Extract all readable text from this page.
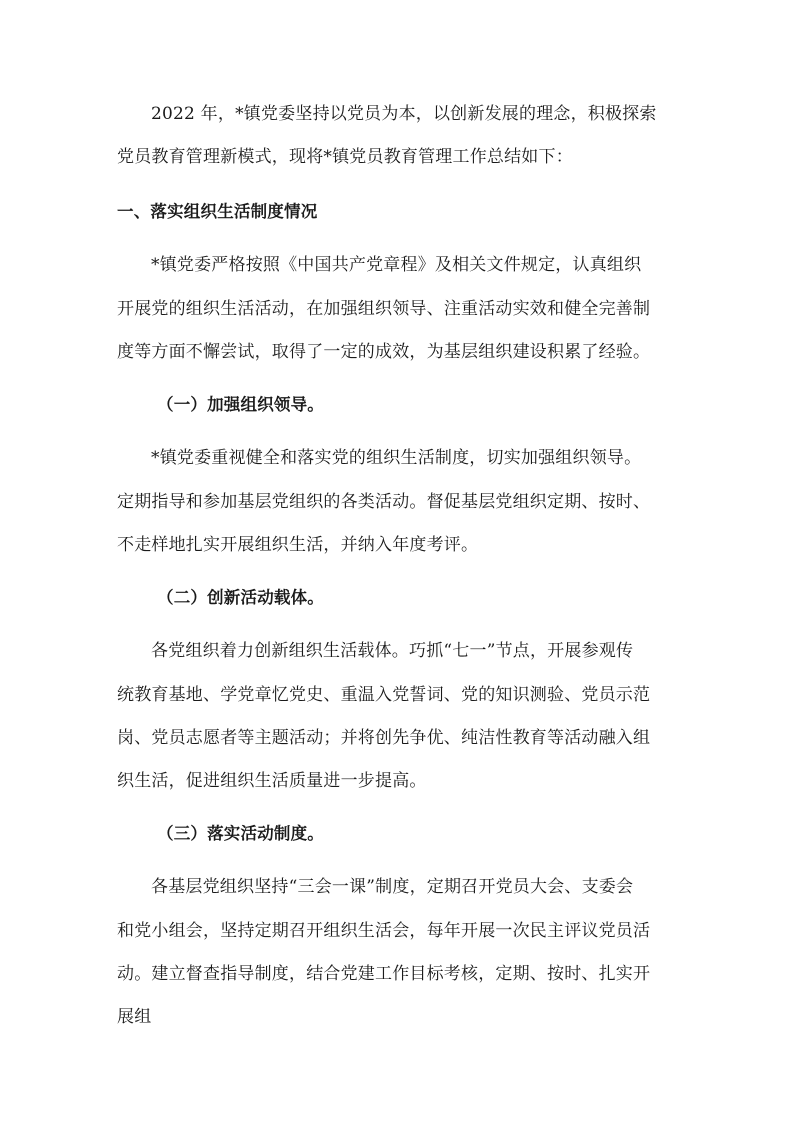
2022 年，*镇党委坚持以党员为本，以创新发展的理念，积极探索
党员教育管理新模式，现将*镇党员教育管理工作总结如下：
一、落实组织生活制度情况
*镇党委严格按照《中国共产党章程》及相关文件规定，认真组织
开展党的组织生活活动，在加强组织领导、注重活动实效和健全完善制
度等方面不懈尝试，取得了一定的成效，为基层组织建设积累了经验。
（一）加强组织领导。
*镇党委重视健全和落实党的组织生活制度，切实加强组织领导。
定期指导和参加基层党组织的各类活动。督促基层党组织定期、按时、
不走样地扎实开展组织生活，并纳入年度考评。
（二）创新活动载体。
各党组织着力创新组织生活载体。巧抓“七一”节点，开展参观传
统教育基地、学党章忆党史、重温入党誓词、党的知识测验、党员示范
岗、党员志愿者等主题活动；并将创先争优、纯洁性教育等活动融入组
织生活，促进组织生活质量进一步提高。
（三）落实活动制度。
各基层党组织坚持“三会一课”制度，定期召开党员大会、支委会
和党小组会，坚持定期召开组织生活会，每年开展一次民主评议党员活
动。建立督查指导制度，结合党建工作目标考核，定期、按时、扎实开
展组
